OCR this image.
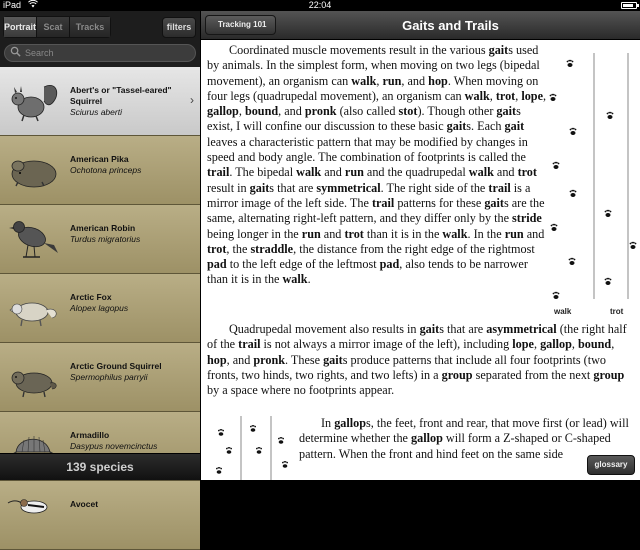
iPad	22:04
Portrait Scat	Tracks	filters
Search
Abert's or "Tassel-eared" Squirrel
Sciurus aberti
›
American Pika
Ochotona princeps
American Robin
Turdus migratorius
Arctic Fox
Alopex lagopus
Arctic Ground Squirrel
Spermophilus parryii
Armadillo
Dasypus novemcinctus
Avocet
139 species
Tracking 101	Gaits and Trails

Coordinated muscle movements result in the various gaits used by animals. In the simplest form, when moving on two legs (bipedal movement), an organism can walk, run, and hop. When moving on four legs (quadrupedal movement), an organism can walk, trot, lope, gallop, bound, and pronk (also called stot). Though other gaits exist, I will confine our discussion to these basic gaits. Each gait leaves a characteristic pattern that may be modified by changes in speed and body angle. The combination of footprints is called the trail. The bipedal walk and run and the quadrupedal walk and trot result in gaits that are symmetrical. The right side of the trail is a mirror image of the left side. The trail patterns for these gaits are the same, alternating right-left pattern, and they differ only by the stride being longer in the run and trot than it is in the walk. In the run and trot, the straddle, the distance from the right edge of the rightmost pad to the left edge of the leftmost pad, also tends to be narrower than it is in the walk.

walk	trot
Quadrupedal movement also results in gaits that are asymmetrical (the right half of the trail is not always a mirror image of the left), including lope, gallop, bound, hop, and pronk. These gaits produce patterns that include all four footprints (two fronts, two hinds, two rights, and two lefts) in a group separated from the next group by a space where no footprints appear.
In gallops, the feet, front and rear, that move first (or lead) will determine whether the gallop will form a Z-shaped or C-shaped pattern. When the front and hind feet on the same side
glossary
